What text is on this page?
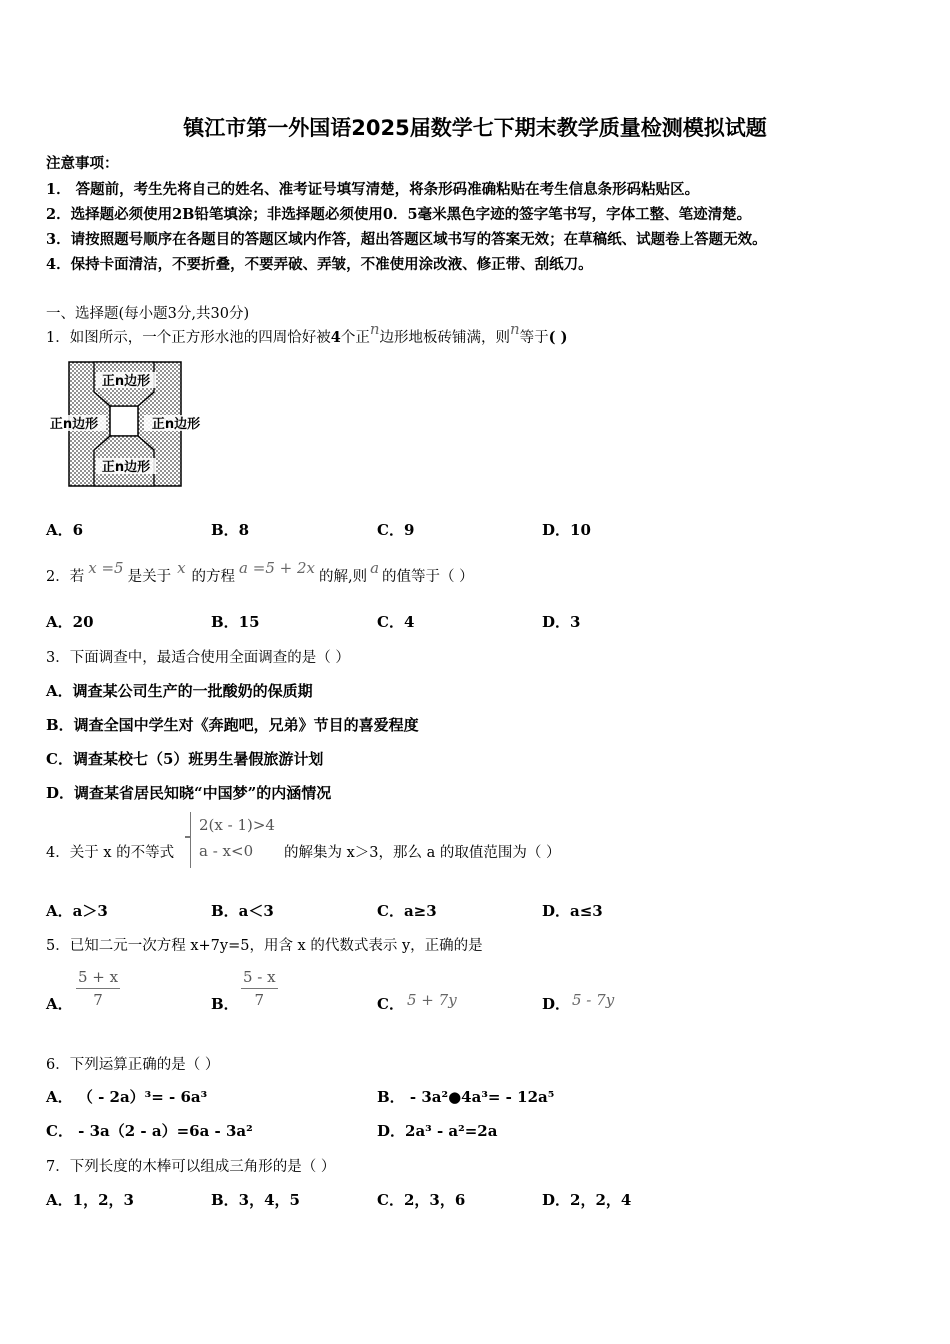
镇江市第一外国语2025届数学七下期末教学质量检测模拟试题
注意事项：
1． 答题前，考生先将自己的姓名、准考证号填写清楚，将条形码准确粘贴在考生信息条形码粘贴区。
2．选择题必须使用2B铅笔填涂；非选择题必须使用0．5毫米黑色字迹的签字笔书写，字体工整、笔迹清楚。
3．请按照题号顺序在各题目的答题区域内作答，超出答题区域书写的答案无效；在草稿纸、试题卷上答题无效。
4．保持卡面清洁，不要折叠，不要弄破、弄皱，不准使用涂改液、修正带、刮纸刀。
一、选择题(每小题3分,共30分)
1．如图所示，一个正方形水池的四周恰好被4个正n边形地板砖铺满，则n等于( )
正n边形
正n边形	正n边形
正n边形
A．6	B．8	C．9	D．10
2．若 x =5 是关于 x 的方程 a =5 + 2x 的解,则 a 的值等于（ ）
A．20	B．15	C．4	D．3
3．下面调查中，最适合使用全面调查的是（ ）
A．调查某公司生产的一批酸奶的保质期
B．调查全国中学生对《奔跑吧，兄弟》节目的喜爱程度
C．调查某校七（5）班男生暑假旅游计划
D．调查某省居民知晓“中国梦”的内涵情况
4．关于 x 的不等式
2(x - 1)>4
a - x<0	的解集为 x＞3，那么 a 的取值范围为（ ）
A．a＞3	B．a＜3	C．a≥3	D．a≤3
5．已知二元一次方程 x+7y=5，用含 x 的代数式表示 y，正确的是
A． $\frac{5 + x}{7}$	B． $\frac{5 - x}{7}$	C． 5 + 7y	D． 5 - 7y
6．下列运算正确的是（ ）
A． （ - 2a）³= - 6a³	B． - 3a²●4a³= - 12a⁵
C． - 3a（2 - a）=6a - 3a²	D．2a³ - a²=2a
7．下列长度的木棒可以组成三角形的是（ ）
A．1，2，3	B．3，4，5	C．2，3，6	D．2，2，4
